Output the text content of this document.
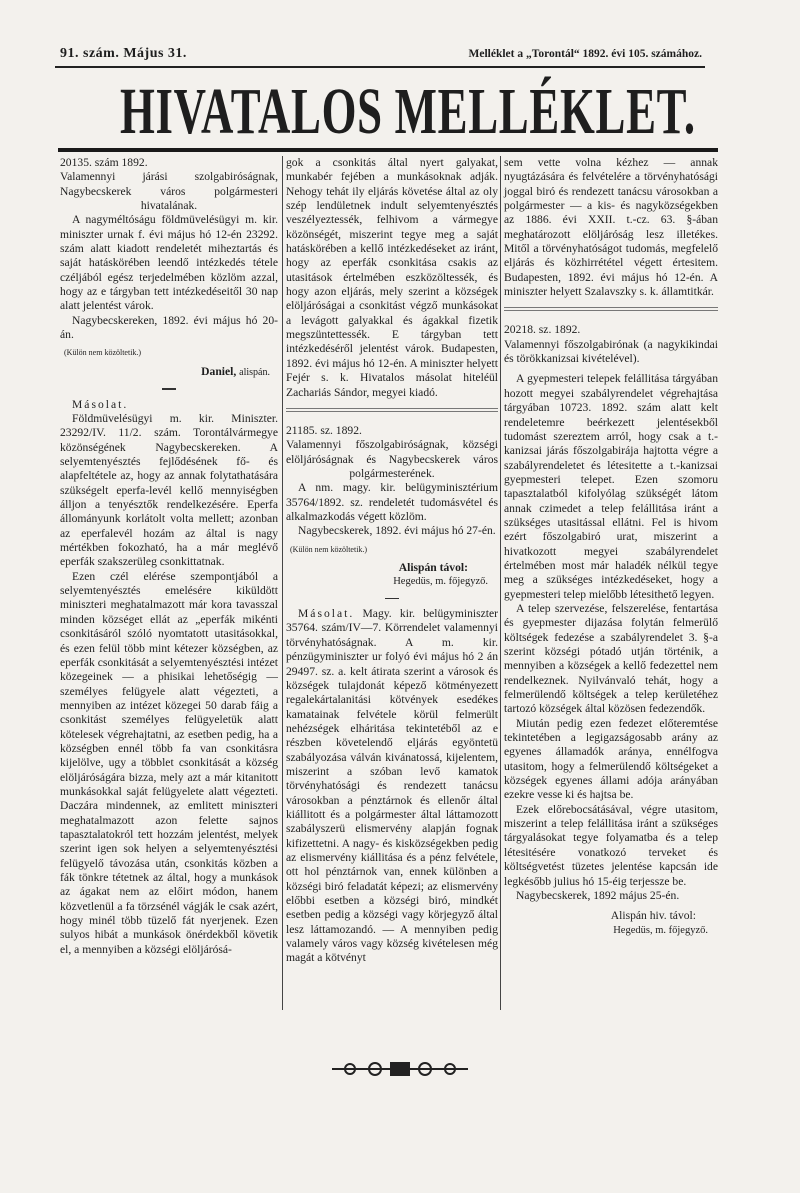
91. szám. Május 31.	Melléklet a „Torontál“ 1892. évi 105. számához.
HIVATALOS MELLÉKLET.

20135. szám 1892.

Valamennyi járási szolgabiróságnak, Nagybecskerek város polgármesteri hivatalának.

A nagyméltóságu földmüvelésügyi m. kir. miniszter urnak f. évi május hó 12-én 23292. szám alatt kiadott rendeletét miheztartás és saját hatáskörében leendő intézkedés tétele czéljából egész terjedelmében közlöm azzal, hogy az e tárgyban tett intézkedéseitől 30 nap alatt jelentést várok.

Nagybecskereken, 1892. évi május hó 20-án.

(Külön nem közöltetik.)

Daniel, alispán.

Másolat.

Földmüvelésügyi m. kir. Miniszter. 23292/IV. 11/2. szám. Torontálvármegye közönségének Nagybecskereken. A selyemtenyésztés fejlődésének fő- és alapfeltétele az, hogy az annak folytathatására szükségelt eperfa-levél kellő mennyiségben álljon a tenyésztők rendelkezésére. Eperfa állományunk korlátolt volta mellett; azonban az eperfalevél hozám az által is nagy mértékben fokozható, ha a már meglévő eperfák szakszerüleg csonkittatnak.

Ezen czél elérése szempontjából a selyemtenyésztés emelésére kiküldött miniszteri meghatalmazott már kora tavasszal minden községet ellát az „eperfák mikénti csonkitásáról szóló nyomtatott utasitásokkal, és ezen felül több mint kétezer községben, az eperfák csonkitását a selyemtenyésztési intézet közegeinek — a phisikai lehetőségig — személyes felügyele alatt végezteti, a mennyiben az intézet közegei 50 darab fáig a csonkitást személyes felügyeletük alatt kötelesek végrehajtatni, az esetben pedig, ha a községben ennél több fa van csonkitásra kijelölve, ugy a többlet csonkitását a község elöljáróságára bizza, mely azt a már kitanitott munkásokkal saját felügyelete alatt végezteti. Daczára mindennek, az emlitett miniszteri meghatalmazott azon felette sajnos tapasztalatokról tett hozzám jelentést, melyek szerint igen sok helyen a selyemtenyésztési felügyelő távozása után, csonkitás közben a fák tönkre tétetnek az által, hogy a munkások az ágakat nem az előirt módon, hanem közvetlenül a fa törzsénél vágják le csak azért, hogy minél több tüzelő fát nyerjenek. Ezen sulyos hibát a munkások önérdekből követik el, a mennyiben a községi elöljárósá-

gok a csonkitás által nyert galyakat, munkabér fejében a munkásoknak adják. Nehogy tehát ily eljárás követése által az oly szép lendületnek indult selyemtenyésztés veszélyeztessék, felhivom a vármegye közönségét, miszerint tegye meg a saját hatáskörében a kellő intézkedéseket az iránt, hogy az eperfák csonkitása csakis az utasitások értelmében eszközöltessék, és hogy azon eljárás, mely szerint a községek elöljáróságai a csonkitást végző munkásokat a levágott galyakkal és ágakkal fizetik megszüntettessék. E tárgyban tett intézkedéséről jelentést várok. Budapesten, 1892. évi május hó 12-én. A miniszter helyett Fejér s. k. Hivatalos másolat hiteléül Zachariás Sándor, megyei kiadó.

21185. sz. 1892.

Valamennyi főszolgabiróságnak, községi elöljáróságnak és Nagybecskerek város polgármesterének.

A nm. magy. kir. belügyminisztérium 35764/1892. sz. rendeletét tudomásvétel és alkalmazkodás végett közlöm.

Nagybecskerek, 1892. évi május hó 27-én.

(Külön nem közöltetik.)

Alispán távol:

Hegedüs, m. főjegyző.

Másolat. Magy. kir. belügyminiszter 35764. szám/IV—7. Körrendelet valamennyi törvényhatóságnak. A m. kir. pénzügyminiszter ur folyó évi május hó 2 án 29497. sz. a. kelt átirata szerint a városok és községek tulajdonát képező kötményezett regalekártalanitási kötvények esedékes kamatainak felvétele körül felmerült nehézségek elháritása tekintetéből az e részben követelendő eljárás egyöntetü szabályozása válván kivánatossá, kijelentem, miszerint a szóban levő kamatok törvényhatósági és rendezett tanácsu városokban a pénztárnok és ellenőr által kiállitott és a polgármester által láttamozott szabályszerü elismervény alapján fognak kifizettetni. A nagy- és kisközségekben pedig az elismervény kiállitása és a pénz felvétele, ott hol pénztárnok van, ennek különben a községi biró feladatát képezi; az elismervény előbbi esetben a községi biró, mindkét esetben pedig a községi vagy körjegyző által lesz láttamozandó. — A mennyiben pedig valamely város vagy község kivételesen még magát a kötvényt

sem vette volna kézhez — annak nyugtázására és felvételére a törvényhatósági joggal biró és rendezett tanácsu városokban a polgármester — a kis- és nagyközségekben az 1886. évi XXII. t.-cz. 63. §-ában meghatározott elöljáróság lesz illetékes. Mitől a törvényhatóságot tudomás, megfelelő eljárás és közhirrététel végett értesitem. Budapesten, 1892. évi május hó 12-én. A miniszter helyett Szalavszky s. k. államtitkár.

20218. sz. 1892.

Valamennyi főszolgabirónak (a nagykikindai és törökkanizsai kivételével).

A gyepmesteri telepek felállitása tárgyában hozott megyei szabályrendelet végrehajtása tárgyában 10723. 1892. szám alatt kelt rendeletemre beérkezett jelentésekből tudomást szereztem arról, hogy csak a t.-kanizsai járás főszolgabirája hajtotta végre a szabályrendeletet és létesitette a t.-kanizsai gyepmesteri telepet. Ezen szomoru tapasztalatból kifolyólag szükségét látom annak czimedet a telep felállitása iránt a szükséges utasitással ellátni. Fel is hivom ezért főszolgabiró urat, miszerint a hivatkozott megyei szabályrendelet értelmében most már haladék nélkül tegye meg a szükséges intézkedéseket, hogy a gyepmesteri telep mielőbb létesithető legyen.

A telep szervezése, felszerelése, fentartása és gyepmester dijazása folytán felmerülő költségek fedezése a szabályrendelet 3. §-a szerint községi pótadó utján történik, a mennyiben a községek a kellő fedezettel nem rendelkeznek. Nyilvánvaló tehát, hogy a felmerülendő költségek a telep kerületéhez tartozó községek által közösen fedezendők.

Miután pedig ezen fedezet előteremtése tekintetében a legigazságosabb arány az egyenes államadók aránya, ennélfogva utasitom, hogy a felmerülendő költségeket a községek egyenes állami adója arányában ezekre vesse ki és hajtsa be.

Ezek előrebocsátásával, végre utasitom, miszerint a telep felállitása iránt a szükséges tárgyalásokat tegye folyamatba és a telep létesitésére vonatkozó terveket és költségvetést tüzetes jelentése kapcsán ide legkésőbb julius hó 15-éig terjessze be.

Nagybecskerek, 1892 május 25-én.

Alispán hiv. távol:

Hegedüs, m. főjegyző.
